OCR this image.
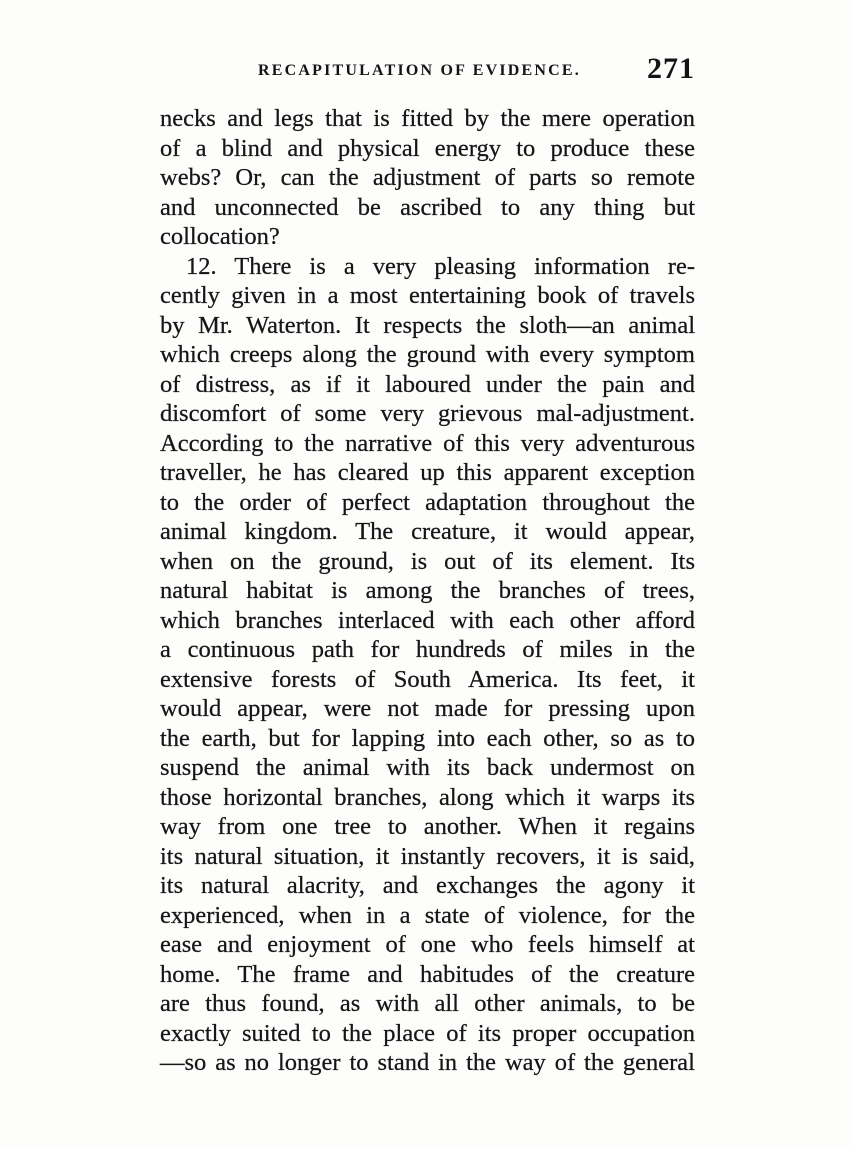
RECAPITULATION OF EVIDENCE. 271
necks and legs that is fitted by the mere operation
of a blind and physical energy to produce these
webs? Or, can the adjustment of parts so remote
and unconnected be ascribed to any thing but
collocation?
12. There is a very pleasing information re-
cently given in a most entertaining book of travels
by Mr. Waterton. It respects the sloth—an animal
which creeps along the ground with every symptom
of distress, as if it laboured under the pain and
discomfort of some very grievous mal-adjustment.
According to the narrative of this very adventurous
traveller, he has cleared up this apparent exception
to the order of perfect adaptation throughout the
animal kingdom. The creature, it would appear,
when on the ground, is out of its element. Its
natural habitat is among the branches of trees,
which branches interlaced with each other afford
a continuous path for hundreds of miles in the
extensive forests of South America. Its feet, it
would appear, were not made for pressing upon
the earth, but for lapping into each other, so as to
suspend the animal with its back undermost on
those horizontal branches, along which it warps its
way from one tree to another. When it regains
its natural situation, it instantly recovers, it is said,
its natural alacrity, and exchanges the agony it
experienced, when in a state of violence, for the
ease and enjoyment of one who feels himself at
home. The frame and habitudes of the creature
are thus found, as with all other animals, to be
exactly suited to the place of its proper occupation
—so as no longer to stand in the way of the general
